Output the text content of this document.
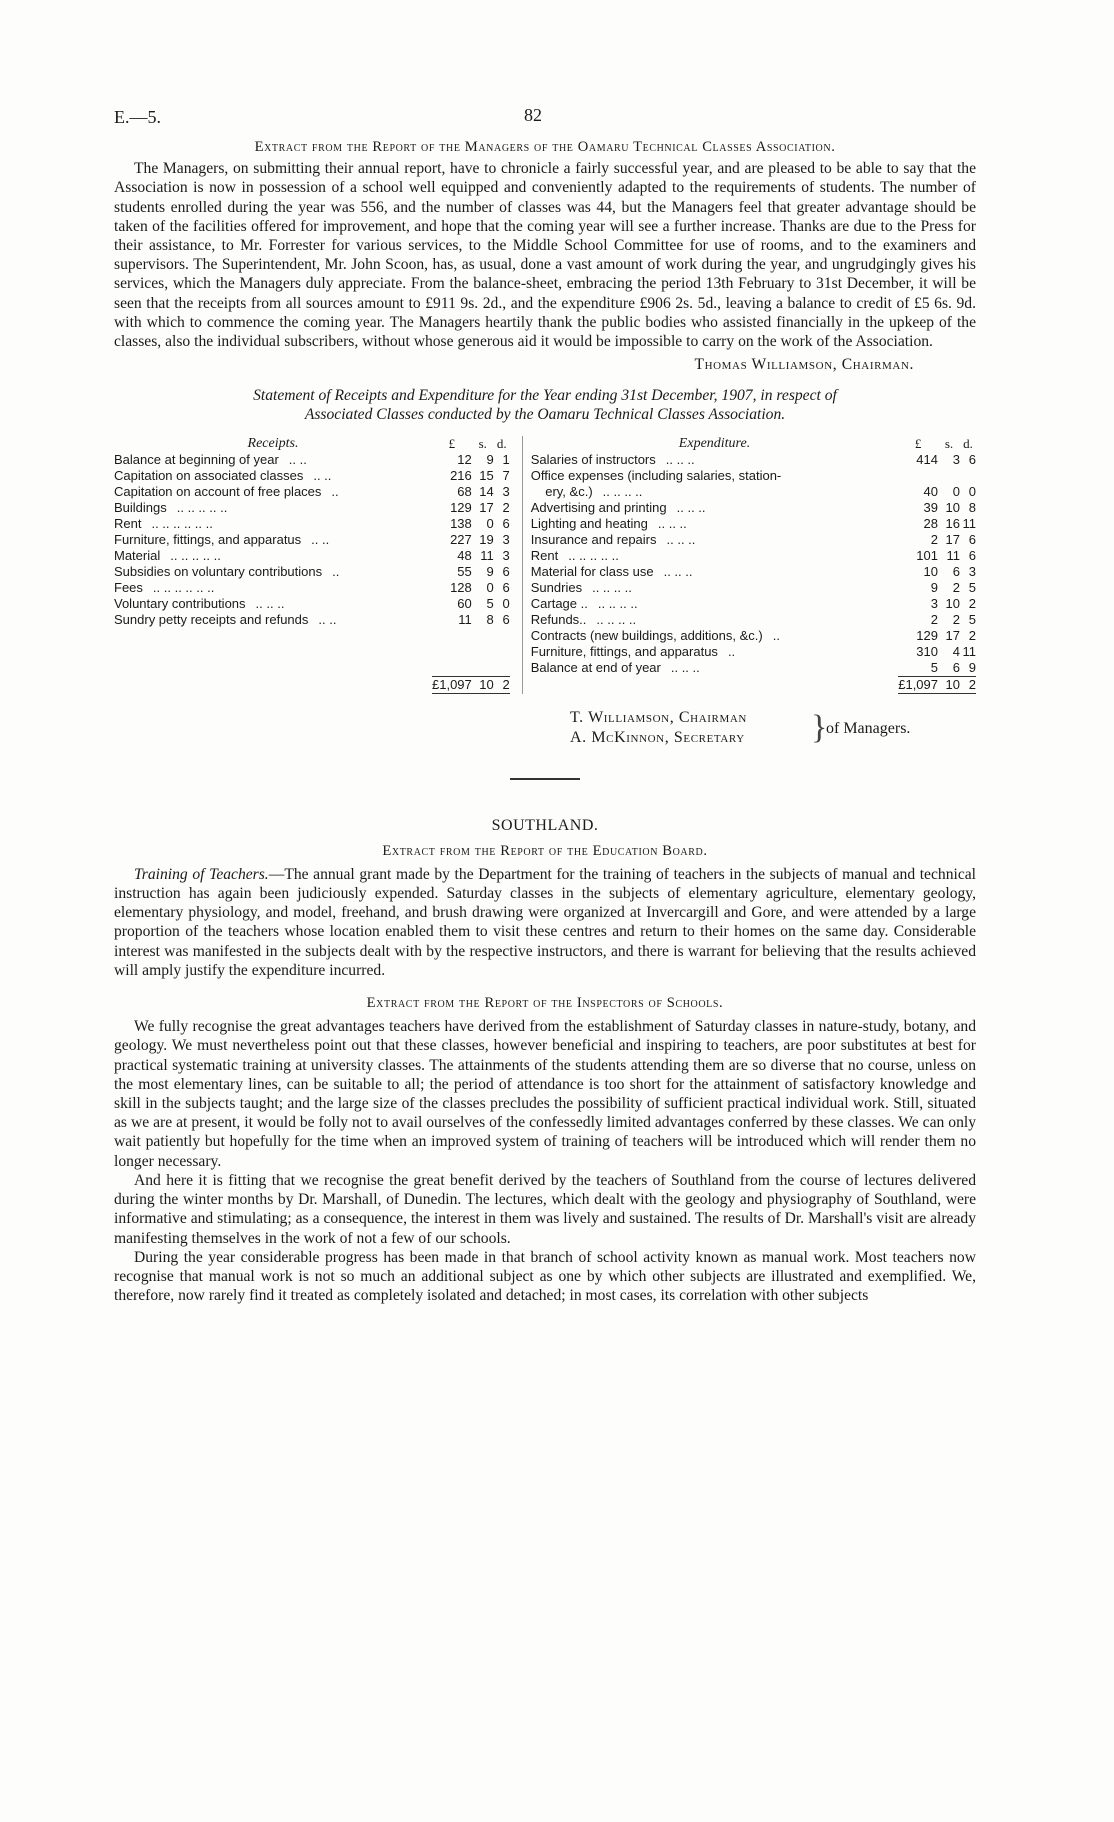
E.—5.	82
Extract from the Report of the Managers of the Oamaru Technical Classes Association.

The Managers, on submitting their annual report, have to chronicle a fairly successful year, and are pleased to be able to say that the Association is now in possession of a school well equipped and conveniently adapted to the requirements of students. The number of students enrolled during the year was 556, and the number of classes was 44, but the Managers feel that greater advantage should be taken of the facilities offered for improvement, and hope that the coming year will see a further increase. Thanks are due to the Press for their assistance, to Mr. Forrester for various services, to the Middle School Committee for use of rooms, and to the examiners and supervisors. The Superintendent, Mr. John Scoon, has, as usual, done a vast amount of work during the year, and ungrudgingly gives his services, which the Managers duly appreciate. From the balance-sheet, embracing the period 13th February to 31st December, it will be seen that the receipts from all sources amount to £911 9s. 2d., and the expenditure £906 2s. 5d., leaving a balance to credit of £5 6s. 9d. with which to commence the coming year. The Managers heartily thank the public bodies who assisted financially in the upkeep of the classes, also the individual subscribers, without whose generous aid it would be impossible to carry on the work of the Association.

Thomas Williamson, Chairman.
Statement of Receipts and Expenditure for the Year ending 31st December, 1907, in respect of
Associated Classes conducted by the Oamaru Technical Classes Association.
Receipts.	£	s.	d.		Expenditure.	£	s.	d.
Balance at beginning of year .. ..	12	9	1		Salaries of instructors .. .. ..	414	3	6
Capitation on associated classes .. ..	216	15	7		Office expenses (including salaries, station-			
Capitation on account of free places ..	68	14	3		ery, &c.) .. .. .. ..	40	0	0
Buildings .. .. .. .. ..	129	17	2		Advertising and printing .. .. ..	39	10	8
Rent .. .. .. .. .. ..	138	0	6		Lighting and heating .. .. ..	28	16	11
Furniture, fittings, and apparatus .. ..	227	19	3		Insurance and repairs .. .. ..	2	17	6
Material .. .. .. .. ..	48	11	3		Rent .. .. .. .. ..	101	11	6
Subsidies on voluntary contributions ..	55	9	6		Material for class use .. .. ..	10	6	3
Fees .. .. .. .. .. ..	128	0	6		Sundries .. .. .. ..	9	2	5
Voluntary contributions .. .. ..	60	5	0		Cartage .. .. .. .. ..	3	10	2
Sundry petty receipts and refunds .. ..	11	8	6		Refunds.. .. .. .. ..	2	2	5
					Contracts (new buildings, additions, &c.) ..	129	17	2
					Furniture, fittings, and apparatus ..	310	4	11
					Balance at end of year .. .. ..	5	6	9
	£1,097	10	2			£1,097	10	2
T. Williamson, Chairman
A. McKinnon, Secretary }
of Managers.
SOUTHLAND.
Extract from the Report of the Education Board.

Training of Teachers.—The annual grant made by the Department for the training of teachers in the subjects of manual and technical instruction has again been judiciously expended. Saturday classes in the subjects of elementary agriculture, elementary geology, elementary physiology, and model, freehand, and brush drawing were organized at Invercargill and Gore, and were attended by a large proportion of the teachers whose location enabled them to visit these centres and return to their homes on the same day. Considerable interest was manifested in the subjects dealt with by the respective instructors, and there is warrant for believing that the results achieved will amply justify the expenditure incurred.

Extract from the Report of the Inspectors of Schools.

We fully recognise the great advantages teachers have derived from the establishment of Saturday classes in nature-study, botany, and geology. We must nevertheless point out that these classes, however beneficial and inspiring to teachers, are poor substitutes at best for practical systematic training at university classes. The attainments of the students attending them are so diverse that no course, unless on the most elementary lines, can be suitable to all; the period of attendance is too short for the attainment of satisfactory knowledge and skill in the subjects taught; and the large size of the classes precludes the possibility of sufficient practical individual work. Still, situated as we are at present, it would be folly not to avail ourselves of the confessedly limited advantages conferred by these classes. We can only wait patiently but hopefully for the time when an improved system of training of teachers will be introduced which will render them no longer necessary.

And here it is fitting that we recognise the great benefit derived by the teachers of Southland from the course of lectures delivered during the winter months by Dr. Marshall, of Dunedin. The lectures, which dealt with the geology and physiography of Southland, were informative and stimulating; as a consequence, the interest in them was lively and sustained. The results of Dr. Marshall's visit are already manifesting themselves in the work of not a few of our schools.

During the year considerable progress has been made in that branch of school activity known as manual work. Most teachers now recognise that manual work is not so much an additional subject as one by which other subjects are illustrated and exemplified. We, therefore, now rarely find it treated as completely isolated and detached; in most cases, its correlation with other subjects
